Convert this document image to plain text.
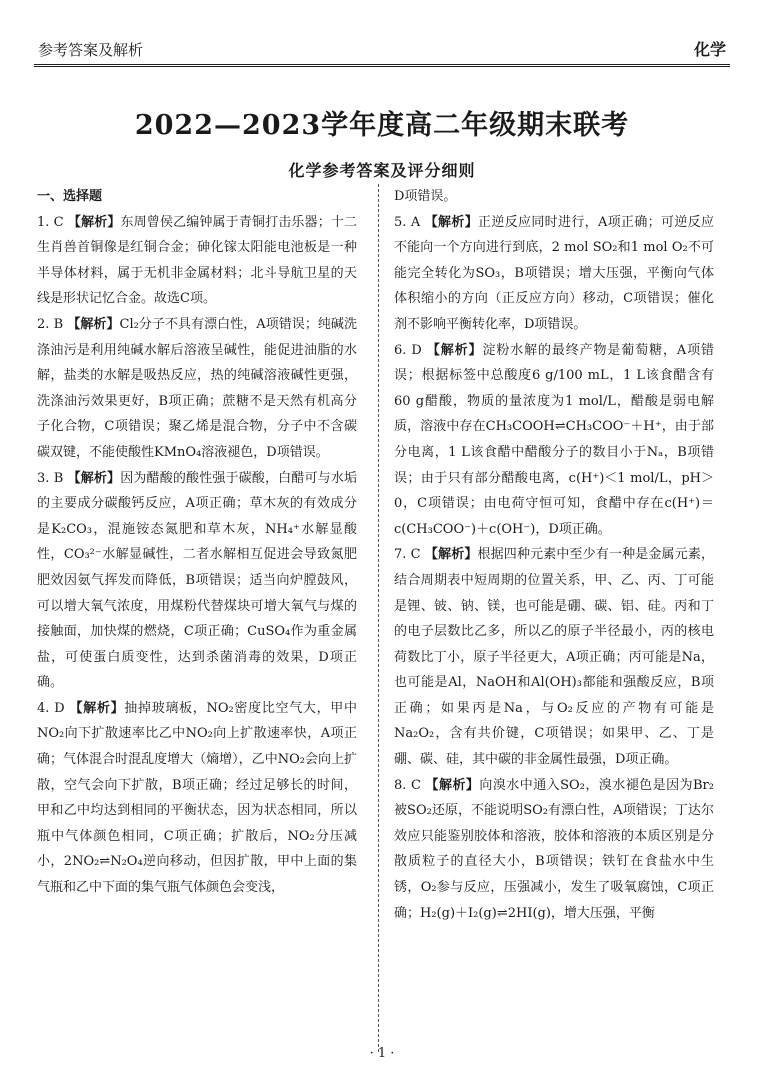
参考答案及解析	化学
2022—2023学年度高二年级期末联考
化学参考答案及评分细则
一、选择题

1. C 【解析】东周曾侯乙编钟属于青铜打击乐器；十二生肖兽首铜像是红铜合金；砷化镓太阳能电池板是一种半导体材料，属于无机非金属材料；北斗导航卫星的天线是形状记忆合金。故选C项。

2. B 【解析】Cl₂分子不具有漂白性，A项错误；纯碱洗涤油污是利用纯碱水解后溶液呈碱性，能促进油脂的水解，盐类的水解是吸热反应，热的纯碱溶液碱性更强，洗涤油污效果更好，B项正确；蔗糖不是天然有机高分子化合物，C项错误；聚乙烯是混合物，分子中不含碳碳双键，不能使酸性KMnO₄溶液褪色，D项错误。

3. B 【解析】因为醋酸的酸性强于碳酸，白醋可与水垢的主要成分碳酸钙反应，A项正确；草木灰的有效成分是K₂CO₃，混施铵态氮肥和草木灰，NH₄⁺水解显酸性，CO₃²⁻水解显碱性，二者水解相互促进会导致氮肥肥效因氨气挥发而降低，B项错误；适当向炉膛鼓风，可以增大氧气浓度，用煤粉代替煤块可增大氧气与煤的接触面，加快煤的燃烧，C项正确；CuSO₄作为重金属盐，可使蛋白质变性，达到杀菌消毒的效果，D项正确。

4. D 【解析】抽掉玻璃板，NO₂密度比空气大，甲中NO₂向下扩散速率比乙中NO₂向上扩散速率快，A项正确；气体混合时混乱度增大（熵增），乙中NO₂会向上扩散，空气会向下扩散，B项正确；经过足够长的时间，甲和乙中均达到相同的平衡状态，因为状态相同，所以瓶中气体颜色相同，C项正确；扩散后，NO₂分压减小，2NO₂⇌N₂O₄逆向移动，但因扩散，甲中上面的集气瓶和乙中下面的集气瓶气体颜色会变浅，

D项错误。

5. A 【解析】正逆反应同时进行，A项正确；可逆反应不能向一个方向进行到底，2 mol SO₂和1 mol O₂不可能完全转化为SO₃，B项错误；增大压强，平衡向气体体积缩小的方向（正反应方向）移动，C项错误；催化剂不影响平衡转化率，D项错误。

6. D 【解析】淀粉水解的最终产物是葡萄糖，A项错误；根据标签中总酸度6 g/100 mL，1 L该食醋含有60 g醋酸，物质的量浓度为1 mol/L，醋酸是弱电解质，溶液中存在CH₃COOH⇌CH₃COO⁻＋H⁺，由于部分电离，1 L该食醋中醋酸分子的数目小于Nₐ，B项错误；由于只有部分醋酸电离，c(H⁺)＜1 mol/L，pH＞0，C项错误；由电荷守恒可知，食醋中存在c(H⁺)＝c(CH₃COO⁻)＋c(OH⁻)，D项正确。

7. C 【解析】根据四种元素中至少有一种是金属元素，结合周期表中短周期的位置关系，甲、乙、丙、丁可能是锂、铍、钠、镁，也可能是硼、碳、铝、硅。丙和丁的电子层数比乙多，所以乙的原子半径最小，丙的核电荷数比丁小，原子半径更大，A项正确；丙可能是Na，也可能是Al，NaOH和Al(OH)₃都能和强酸反应，B项正确；如果丙是Na，与O₂反应的产物有可能是Na₂O₂，含有共价键，C项错误；如果甲、乙、丁是硼、碳、硅，其中碳的非金属性最强，D项正确。

8. C 【解析】向溴水中通入SO₂，溴水褪色是因为Br₂被SO₂还原，不能说明SO₂有漂白性，A项错误；丁达尔效应只能鉴别胶体和溶液，胶体和溶液的本质区别是分散质粒子的直径大小，B项错误；铁钉在食盐水中生锈，O₂参与反应，压强减小，发生了吸氧腐蚀，C项正确；H₂(g)＋I₂(g)⇌2HI(g)，增大压强，平衡

· 1 ·
